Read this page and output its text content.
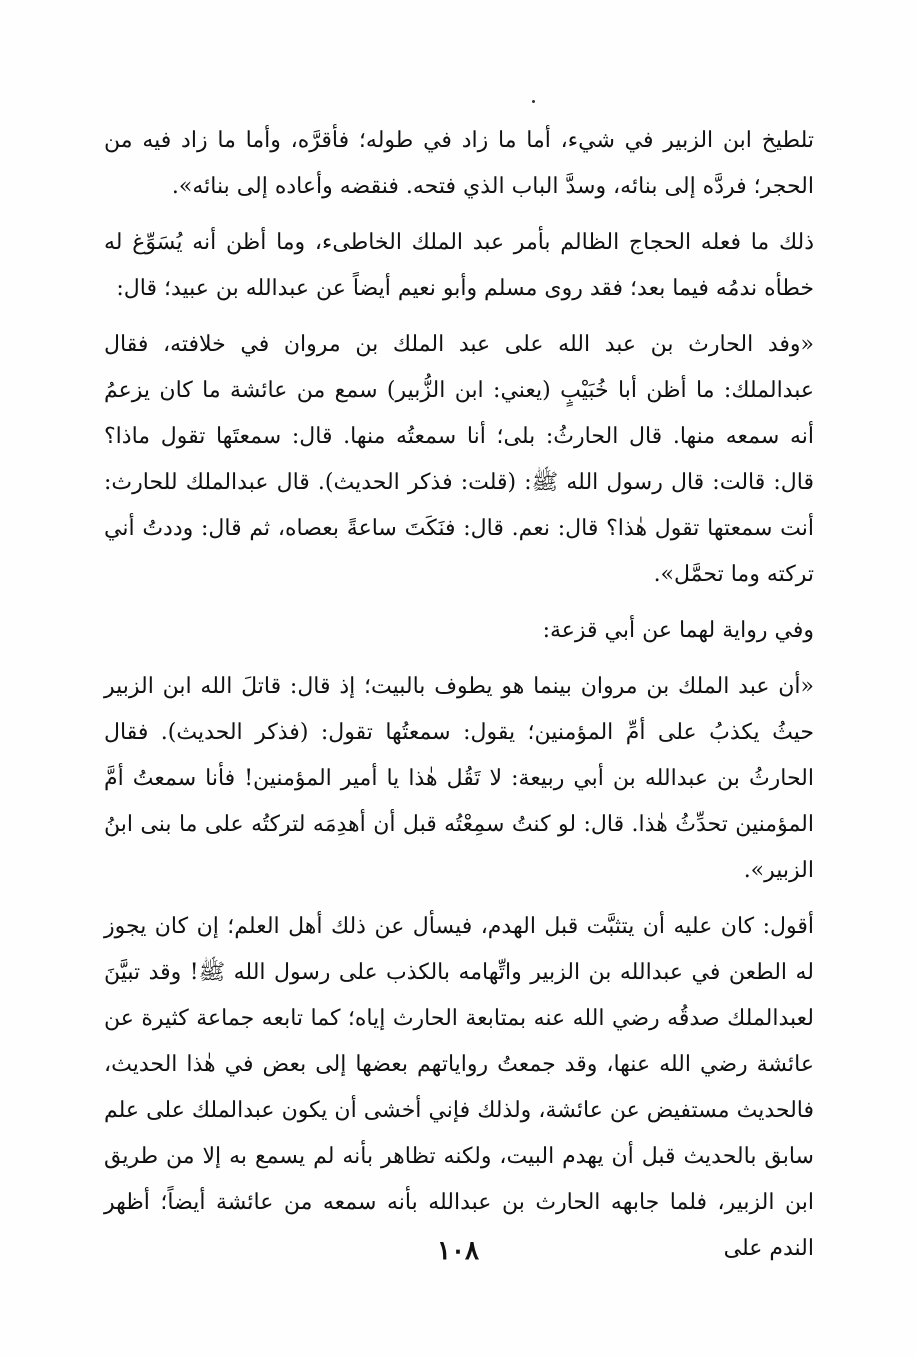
تلطيخ ابن الزبير في شيء، أما ما زاد في طوله؛ فأقرَّه، وأما ما زاد فيه من الحجر؛ فردَّه إلى بنائه، وسدَّ الباب الذي فتحه. فنقضه وأعاده إلى بنائه».

ذلك ما فعله الحجاج الظالم بأمر عبد الملك الخاطىء، وما أظن أنه يُسَوِّغ له خطأه ندمُه فيما بعد؛ فقد روى مسلم وأبو نعيم أيضاً عن عبدالله بن عبيد؛ قال:

«وفد الحارث بن عبد الله على عبد الملك بن مروان في خلافته، فقال عبدالملك: ما أظن أبا خُبَيْبٍ (يعني: ابن الزُّبير) سمع من عائشة ما كان يزعمُ أنه سمعه منها. قال الحارثُ: بلى؛ أنا سمعتُه منها. قال: سمعتَها تقول ماذا؟ قال: قالت: قال رسول الله ﷺ: (قلت: فذكر الحديث). قال عبدالملك للحارث: أنت سمعتها تقول هٰذا؟ قال: نعم. قال: فنَكَتَ ساعةً بعصاه، ثم قال: وددتُ أني تركته وما تحمَّل».

وفي رواية لهما عن أبي قزعة:

«أن عبد الملك بن مروان بينما هو يطوف بالبيت؛ إذ قال: قاتلَ الله ابن الزبير حيثُ يكذبُ على أمِّ المؤمنين؛ يقول: سمعتُها تقول: (فذكر الحديث). فقال الحارثُ بن عبدالله بن أبي ربيعة: لا تَقُل هٰذا يا أمير المؤمنين! فأنا سمعتُ أمَّ المؤمنين تحدِّثُ هٰذا. قال: لو كنتُ سمِعْتُه قبل أن أهدِمَه لتركتُه على ما بنى ابنُ الزبير».

أقول: كان عليه أن يتثبَّت قبل الهدم، فيسأل عن ذلك أهل العلم؛ إن كان يجوز له الطعن في عبدالله بن الزبير واتِّهامه بالكذب على رسول الله ﷺ! وقد تبيَّنَ لعبدالملك صدقُه رضي الله عنه بمتابعة الحارث إياه؛ كما تابعه جماعة كثيرة عن عائشة رضي الله عنها، وقد جمعتُ رواياتهم بعضها إلى بعض في هٰذا الحديث، فالحديث مستفيض عن عائشة، ولذلك فإني أخشى أن يكون عبدالملك على علم سابق بالحديث قبل أن يهدم البيت، ولكنه تظاهر بأنه لم يسمع به إلا من طريق ابن الزبير، فلما جابهه الحارث بن عبدالله بأنه سمعه من عائشة أيضاً؛ أظهر الندم على

١٠٨
